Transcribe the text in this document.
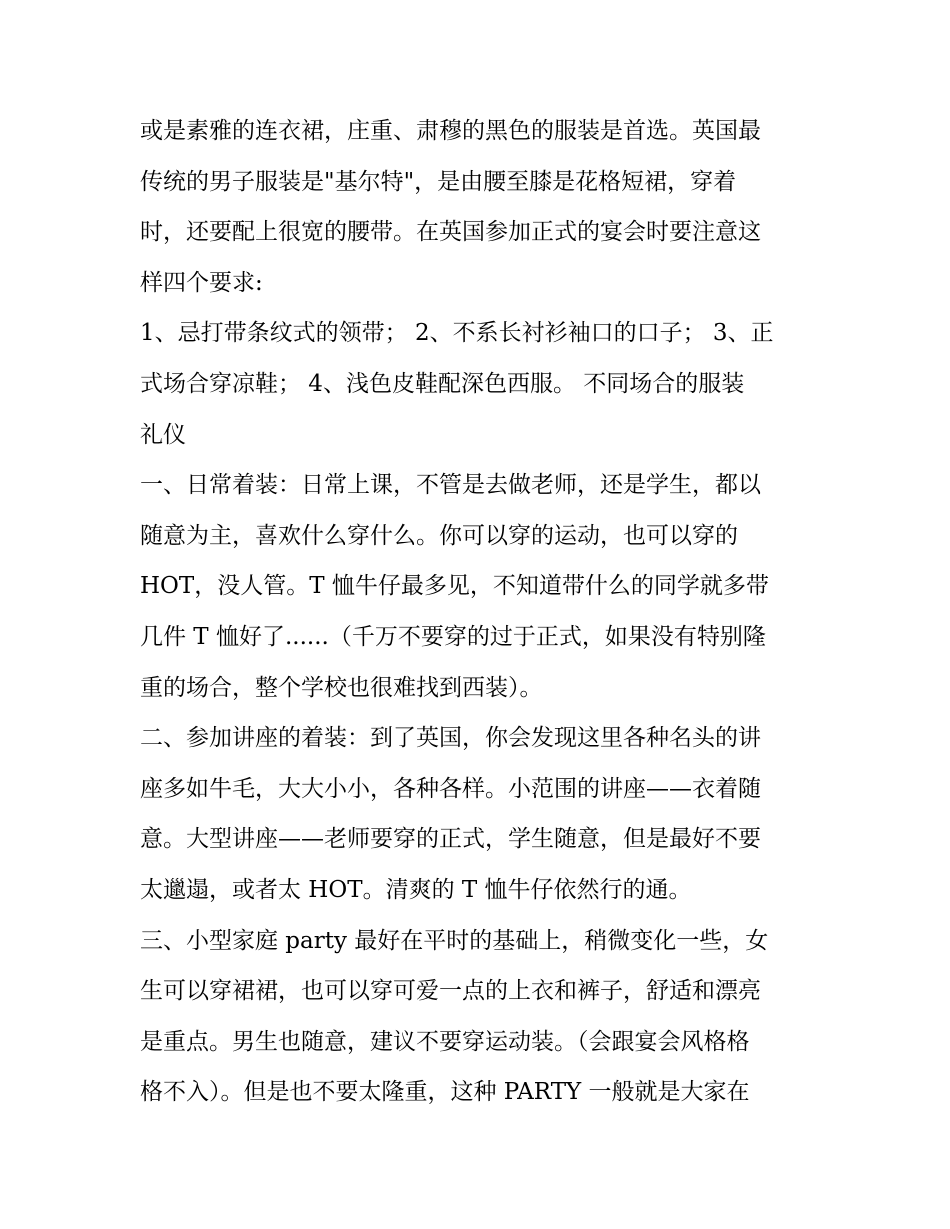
或是素雅的连衣裙，庄重、肃穆的黑色的服装是首选。英国最
传统的男子服装是"基尔特"，是由腰至膝是花格短裙，穿着
时，还要配上很宽的腰带。在英国参加正式的宴会时要注意这
样四个要求:
1、忌打带条纹式的领带； 2、不系长衬衫袖口的口子； 3、正
式场合穿凉鞋； 4、浅色皮鞋配深色西服。 不同场合的服装
礼仪
一、日常着装：日常上课，不管是去做老师，还是学生，都以
随意为主，喜欢什么穿什么。你可以穿的运动，也可以穿的
HOT，没人管。T 恤牛仔最多见，不知道带什么的同学就多带
几件 T 恤好了......（千万不要穿的过于正式，如果没有特别隆
重的场合，整个学校也很难找到西装）。
二、参加讲座的着装：到了英国，你会发现这里各种名头的讲
座多如牛毛，大大小小，各种各样。小范围的讲座——衣着随
意。大型讲座——老师要穿的正式，学生随意，但是最好不要
太邋遢，或者太 HOT。清爽的 T 恤牛仔依然行的通。
三、小型家庭 party 最好在平时的基础上，稍微变化一些，女
生可以穿裙裙，也可以穿可爱一点的上衣和裤子，舒适和漂亮
是重点。男生也随意，建议不要穿运动装。（会跟宴会风格格
格不入）。但是也不要太隆重，这种 PARTY 一般就是大家在
